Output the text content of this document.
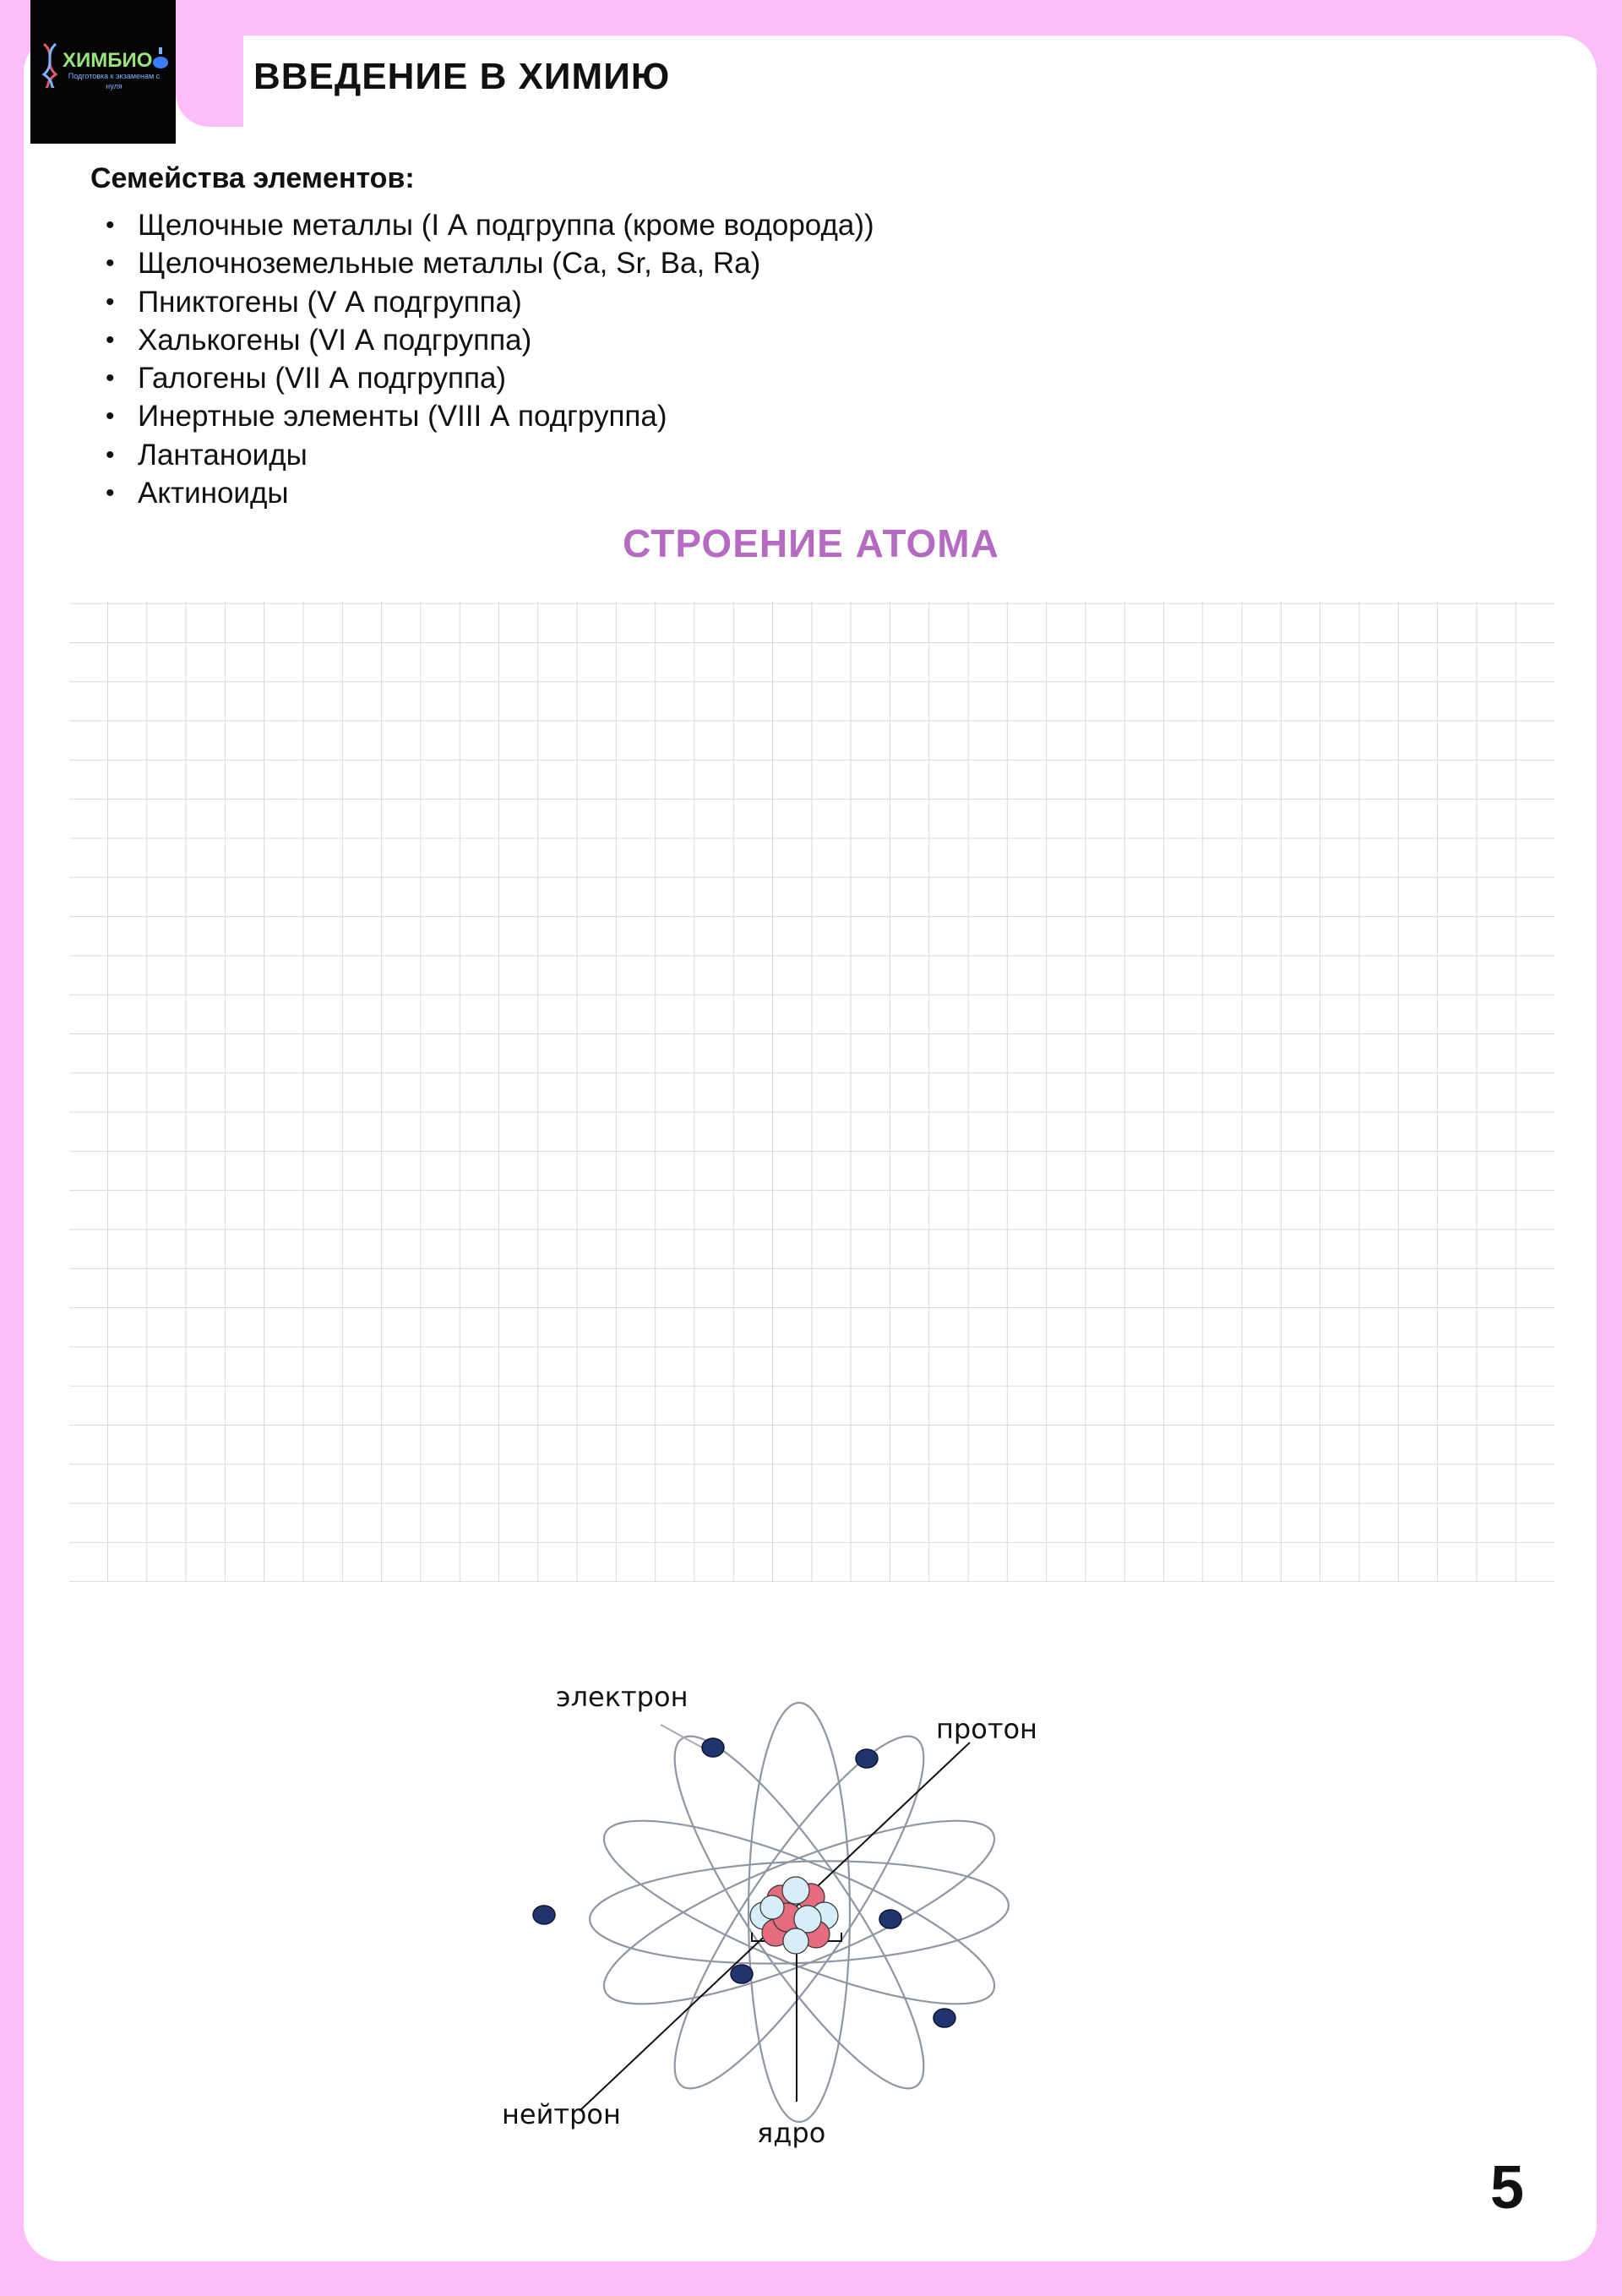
ХИМБИО
Подготовка к экзаменам с нуля	ВВЕДЕНИЕ В ХИМИЮ
Семейства элементов:
• Щелочные металлы (I А подгруппа (кроме водорода))
• Щелочноземельные металлы (Ca, Sr, Ba, Ra)
• Пниктогены (V А подгруппа)
• Халькогены (VI А подгруппа)
• Галогены (VII А подгруппа)
• Инертные элементы (VIII А подгруппа)
• Лантаноиды
• Актиноиды
СТРОЕНИЕ АТОМА
электрон
протон
нейтрон
ядро
5
